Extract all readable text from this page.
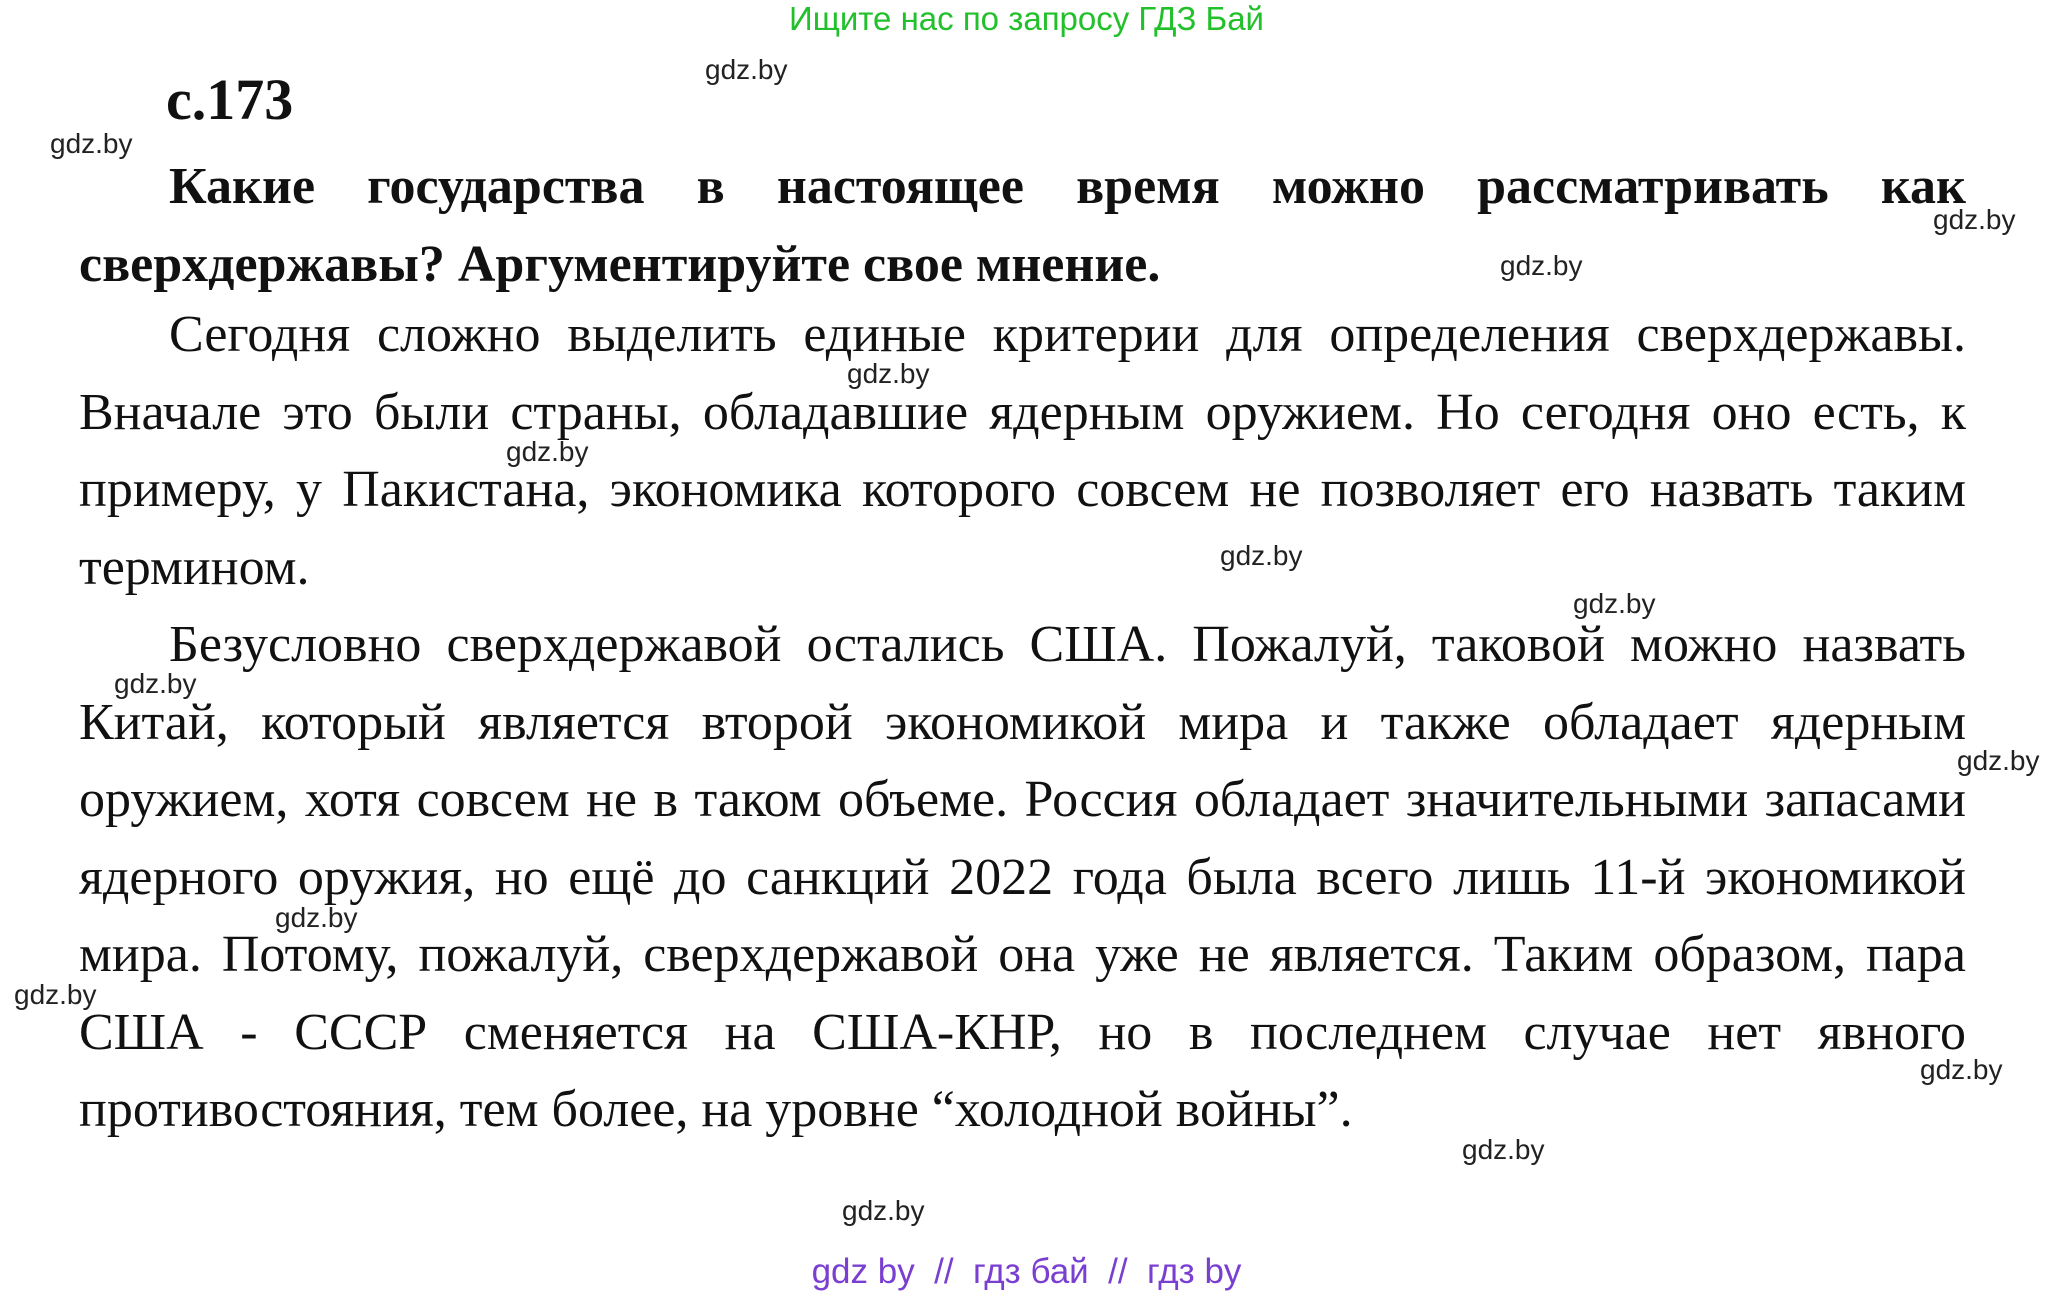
Ищите нас по запросу ГДЗ Бай
с.173
Какие государства в настоящее время можно рассматривать как сверхдержавы? Аргументируйте свое мнение.
Сегодня сложно выделить единые критерии для определения сверхдержавы. Вначале это были страны, обладавшие ядерным оружием. Но сегодня оно есть, к примеру, у Пакистана, экономика которого совсем не позволяет его назвать таким термином.
Безусловно сверхдержавой остались США. Пожалуй, таковой можно назвать Китай, который является второй экономикой мира и также обладает ядерным оружием, хотя совсем не в таком объеме. Россия обладает значительными запасами ядерного оружия, но ещё до санкций 2022 года была всего лишь 11-й экономикой мира. Потому, пожалуй, сверхдержавой она уже не является. Таким образом, пара США - СССР сменяется на США-КНР, но в последнем случае нет явного противостояния, тем более, на уровне “холодной войны”.
gdz.by
gdz.by
gdz.by
gdz.by
gdz.by
gdz.by
gdz.by
gdz.by
gdz.by
gdz.by
gdz.by
gdz.by
gdz.by
gdz.by
gdz.by
gdz by  //  гдз бай  //  гдз by
